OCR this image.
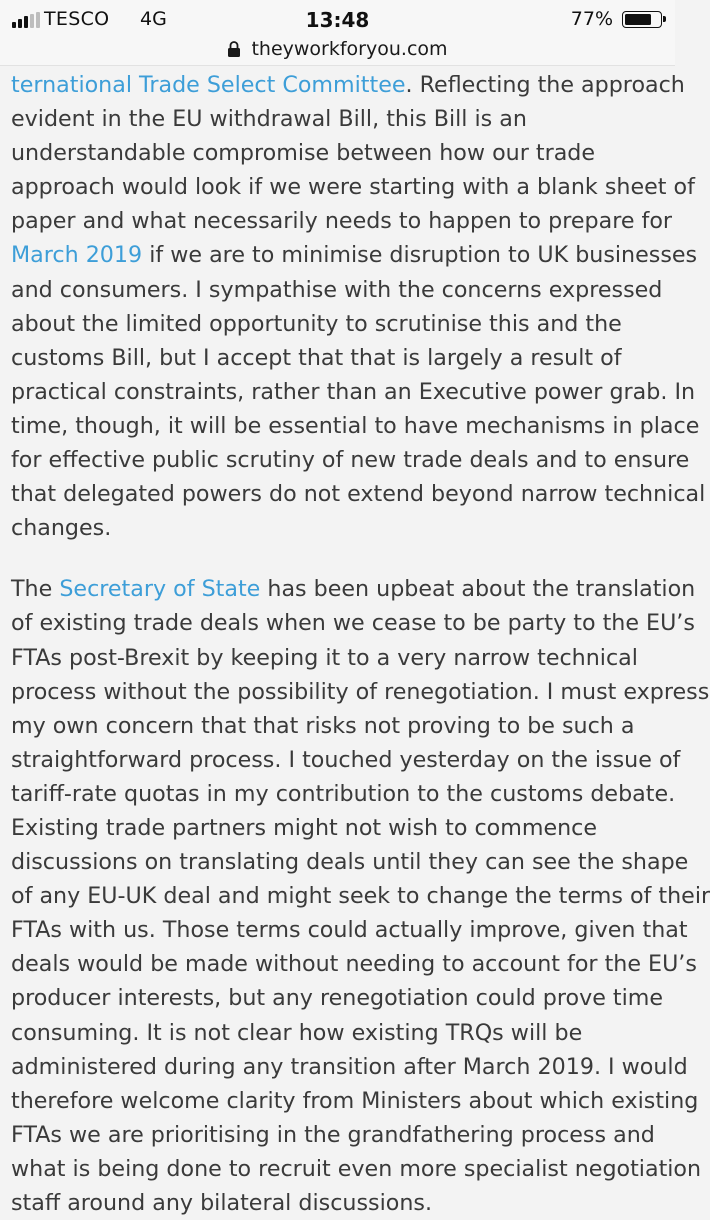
TESCO 4G	13:48	77%
theyworkforyou.com
ternational Trade Select Committee. Reflecting the approach
evident in the EU withdrawal Bill, this Bill is an
understandable compromise between how our trade
approach would look if we were starting with a blank sheet of
paper and what necessarily needs to happen to prepare for
March 2019 if we are to minimise disruption to UK businesses
and consumers. I sympathise with the concerns expressed
about the limited opportunity to scrutinise this and the
customs Bill, but I accept that that is largely a result of
practical constraints, rather than an Executive power grab. In
time, though, it will be essential to have mechanisms in place
for effective public scrutiny of new trade deals and to ensure
that delegated powers do not extend beyond narrow technical
changes.
The Secretary of State has been upbeat about the translation
of existing trade deals when we cease to be party to the EU’s
FTAs post-Brexit by keeping it to a very narrow technical
process without the possibility of renegotiation. I must express
my own concern that that risks not proving to be such a
straightforward process. I touched yesterday on the issue of
tariff-rate quotas in my contribution to the customs debate.
Existing trade partners might not wish to commence
discussions on translating deals until they can see the shape
of any EU-UK deal and might seek to change the terms of their
FTAs with us. Those terms could actually improve, given that
deals would be made without needing to account for the EU’s
producer interests, but any renegotiation could prove time
consuming. It is not clear how existing TRQs will be
administered during any transition after March 2019. I would
therefore welcome clarity from Ministers about which existing
FTAs we are prioritising in the grandfathering process and
what is being done to recruit even more specialist negotiation
staff around any bilateral discussions.
